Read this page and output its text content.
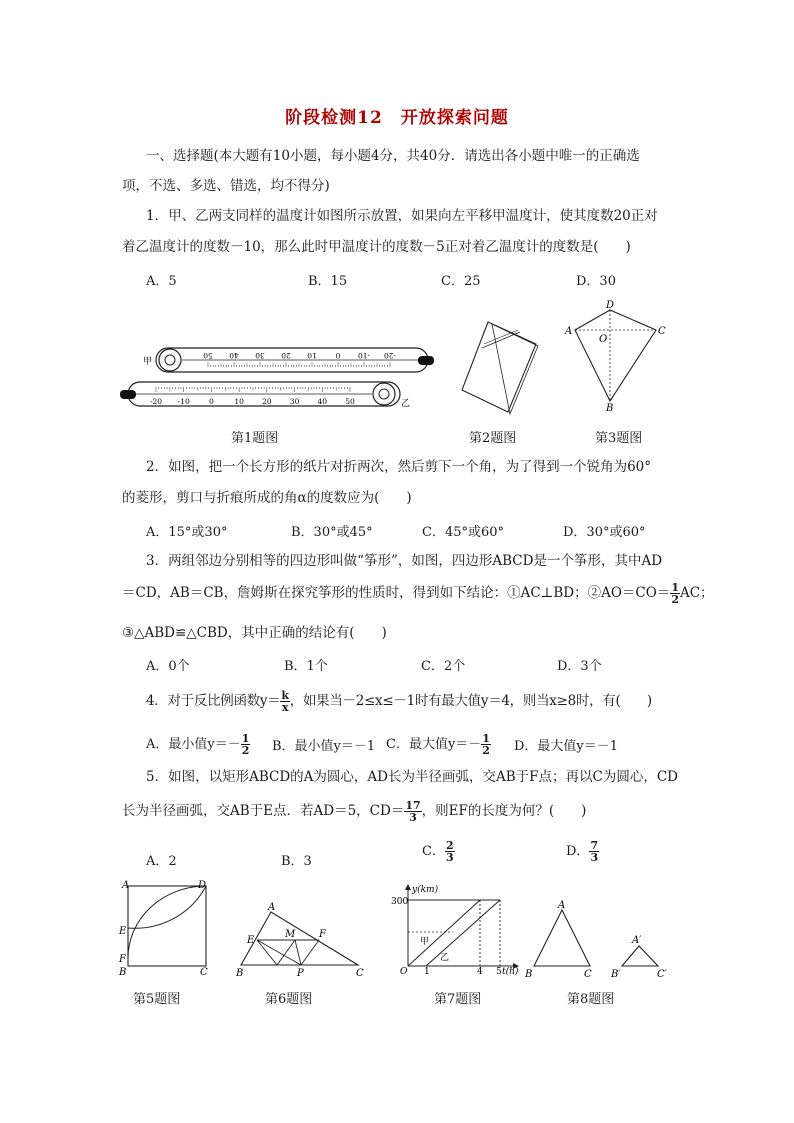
阶段检测12　开放探索问题
一、选择题(本大题有10小题，每小题4分，共40分．请选出各小题中唯一的正确选
项，不选、多选、错选，均不得分)
1．甲、乙两支同样的温度计如图所示放置，如果向左平移甲温度计，使其度数20正对
着乙温度计的度数－10，那么此时甲温度计的度数－5正对着乙温度计的度数是(　　)
A．5	B．15	C．25	D．30
50 40 30 20 10	0 -10 -20
甲
-20 -10	0	10 20 30 40 50	乙
D
A
O
C
B
第1题图	第2题图	第3题图
2．如图，把一个长方形的纸片对折两次，然后剪下一个角，为了得到一个锐角为60°
的菱形，剪口与折痕所成的角α的度数应为(　　)
A．15°或30°	B．30°或45°	C．45°或60°	D．30°或60°
3．两组邻边分别相等的四边形叫做“筝形”，如图，四边形ABCD是一个筝形，其中AD
＝CD，AB＝CB，詹姆斯在探究筝形的性质时，得到如下结论：①AC⊥BD；②AO＝CO＝ $\frac{1}{2}$ AC；
③△ABD≌△CBD，其中正确的结论有(　　)
A．0个	B．1个	C．2个	D．3个
4．对于反比例函数$y= \frac{k}{x}$ ，如果当－2≤x≤－1时有最大值y＝4，则当x≥8时，有(　　)
A．最小值$y=- \frac{1}{2}$ B．最小值y＝－1 C．最大值$y=- \frac{1}{2}$ D．最大值y＝－1
5．如图，以矩形ABCD的A为圆心，AD长为半径画弧，交AB于F点；再以C为圆心，CD
长为半径画弧，交AB于E点．若AD＝5，$CD= \frac{17}{3}$ ，则EF的长度为何？(　　)
A．2	B．3
C． $\frac{2}{3}$	D． $\frac{7}{3}$
A	D
E
F
B	C
A
E
M F
B	P	C
y(km)
300
甲
乙
O 1	4 5 t(h)
A
B	C
A′
B′	C′
第5题图	第6题图	第7题图	第8题图
